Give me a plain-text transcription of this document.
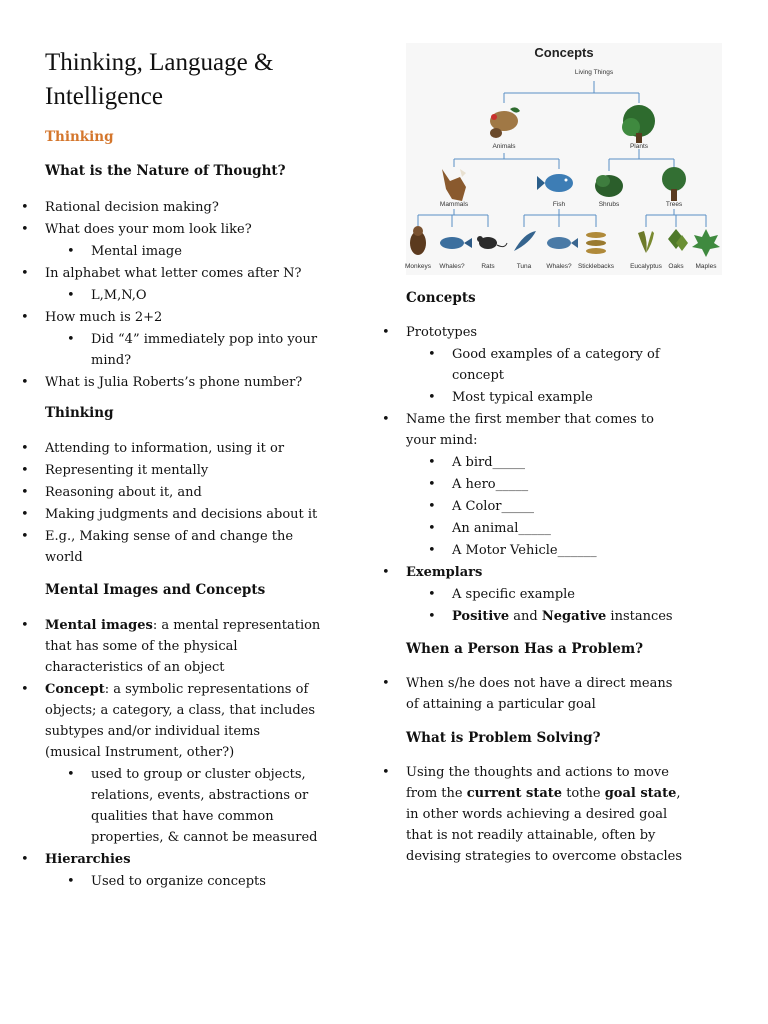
Thinking, Language &
Intelligence
Thinking
What is the Nature of Thought?
• Rational decision making?
• What does your mom look like?
• Mental image
• In alphabet what letter comes after N?
• L,M,N,O
• How much is 2+2
• Did “4” immediately pop into your
mind?
• What is Julia Roberts’s phone number?
Thinking
• Attending to information, using it or
• Representing it mentally
• Reasoning about it, and
• Making judgments and decisions about it
• E.g., Making sense of and change the
world
Mental Images and Concepts
• Mental images: a mental representation
that has some of the physical
characteristics of an object
• Concept: a symbolic representations of
objects; a category, a class, that includes
subtypes and/or individual items
(musical Instrument, other?)
• used to group or cluster objects,
relations, events, abstractions or
qualities that have common
properties, & cannot be measured
• Hierarchies
• Used to organize concepts
Concepts
Living Things
Animals	Plants
Mammals	Fish	Shrubs	Trees
Monkeys	Whales?	Rats	Tuna	Whales? Sticklebacks	Eucalyptus	Oaks	Maples
Concepts
• Prototypes
• Good examples of a category of
concept
• Most typical example
• Name the first member that comes to
your mind:
• A bird_____
• A hero_____
• A Color_____
• An animal_____
• A Motor Vehicle______
• Exemplars
• A specific example
• Positive and Negative instances
When a Person Has a Problem?
• When s/he does not have a direct means
of attaining a particular goal
What is Problem Solving?
• Using the thoughts and actions to move
from the current state tothe goal state,
in other words achieving a desired goal
that is not readily attainable, often by
devising strategies to overcome obstacles
